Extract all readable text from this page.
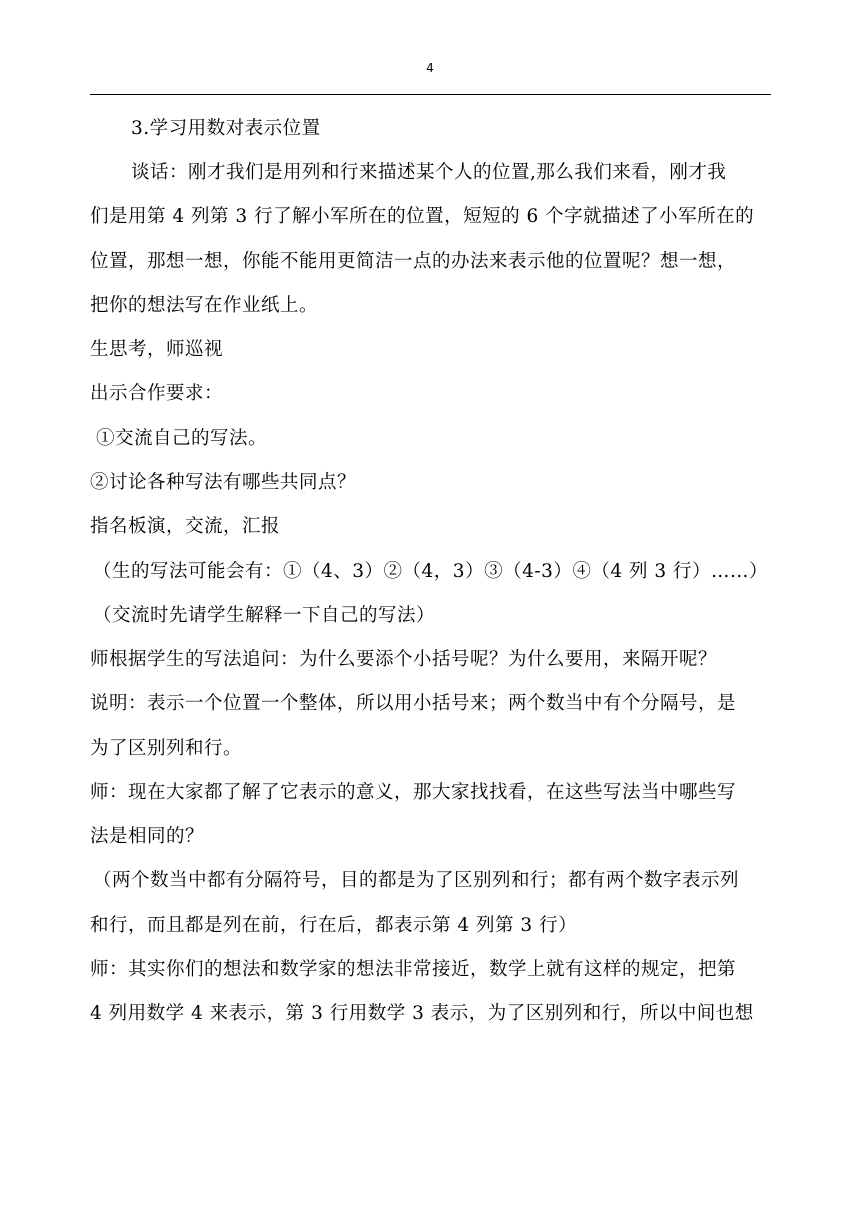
4
3.学习用数对表示位置
谈话：刚才我们是用列和行来描述某个人的位置,那么我们来看，刚才我
们是用第 4 列第 3 行了解小军所在的位置，短短的 6 个字就描述了小军所在的
位置，那想一想，你能不能用更简洁一点的办法来表示他的位置呢？想一想，
把你的想法写在作业纸上。
生思考，师巡视
出示合作要求：
①交流自己的写法。
②讨论各种写法有哪些共同点？
指名板演，交流，汇报
（生的写法可能会有：①（4、3）②（4，3）③（4-3）④（4 列 3 行）……）
（交流时先请学生解释一下自己的写法）
师根据学生的写法追问：为什么要添个小括号呢？为什么要用，来隔开呢？
说明：表示一个位置一个整体，所以用小括号来；两个数当中有个分隔号，是
为了区别列和行。
师：现在大家都了解了它表示的意义，那大家找找看，在这些写法当中哪些写
法是相同的？
（两个数当中都有分隔符号，目的都是为了区别列和行；都有两个数字表示列
和行，而且都是列在前，行在后，都表示第 4 列第 3 行）
师：其实你们的想法和数学家的想法非常接近，数学上就有这样的规定，把第
4 列用数学 4 来表示，第 3 行用数学 3 表示，为了区别列和行，所以中间也想
